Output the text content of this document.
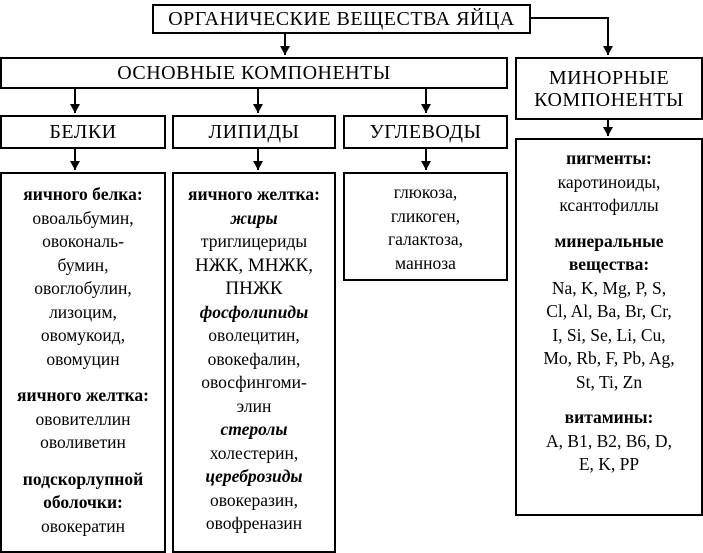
ОРГАНИЧЕСКИЕ ВЕЩЕСТВА ЯЙЦА
ОСНОВНЫЕ КОМПОНЕНТЫ	МИНОРНЫЕ
КОМПОНЕНТЫ
БЕЛКИ	ЛИПИДЫ	УГЛЕВОДЫ
яичного белка:
овоальбумин,
овокональ-
бумин,
овоглобулин,
лизоцим,
овомукоид,
овомуцин
яичного желтка:
ововителлин
оволиветин
подскорлупной
оболочки:
овокератин
яичного желтка:
жиры
триглицериды
НЖК, МНЖК,
ПНЖК
фосфолипиды
оволецитин,
овокефалин,
овосфингоми-
элин
стеролы
холестерин,
цереброзиды
овокеразин,
овофреназин
глюкоза,
гликоген,
галактоза,
манноза
пигменты:
каротиноиды,
ксантофиллы
минеральные
вещества:
Na, K, Mg, P, S,
Cl, Al, Ba, Br, Cr,
I, Si, Se, Li, Cu,
Mo, Rb, F, Pb, Ag,
St, Ti, Zn
витамины:
A, B1, B2, B6, D,
E, K, PP
